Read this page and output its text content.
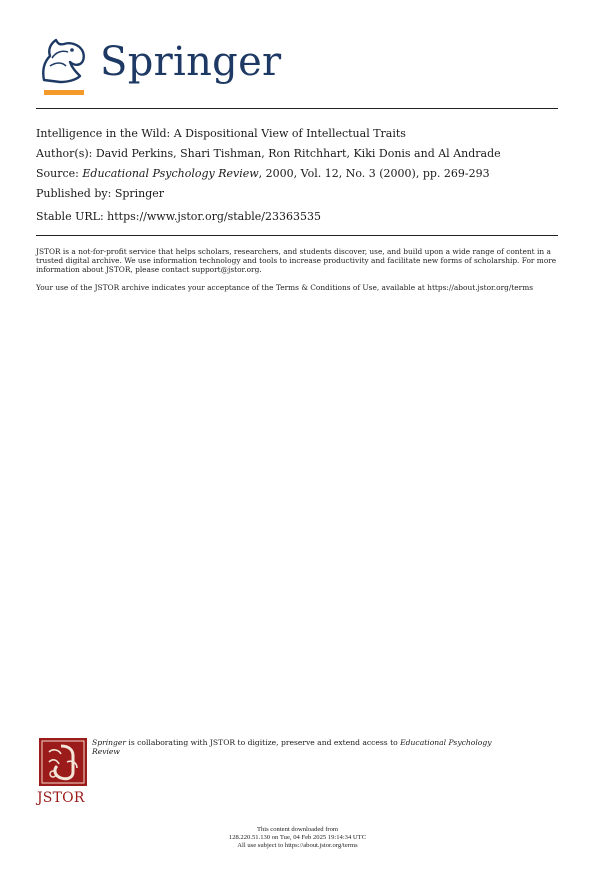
Springer
Intelligence in the Wild: A Dispositional View of Intellectual Traits
Author(s): David Perkins, Shari Tishman, Ron Ritchhart, Kiki Donis and Al Andrade
Source: Educational Psychology Review, 2000, Vol. 12, No. 3 (2000), pp. 269-293
Published by: Springer
Stable URL: https://www.jstor.org/stable/23363535
JSTOR is a not-for-profit service that helps scholars, researchers, and students discover, use, and build upon a wide range of content in a trusted digital archive. We use information technology and tools to increase productivity and facilitate new forms of scholarship. For more information about JSTOR, please contact support@jstor.org.
Your use of the JSTOR archive indicates your acceptance of the Terms & Conditions of Use, available at https://about.jstor.org/terms
JSTOR
Springer is collaborating with JSTOR to digitize, preserve and extend access to Educational Psychology Review
This content downloaded from
128.220.51.130 on Tue, 04 Feb 2025 19:14:34 UTC
All use subject to https://about.jstor.org/terms
